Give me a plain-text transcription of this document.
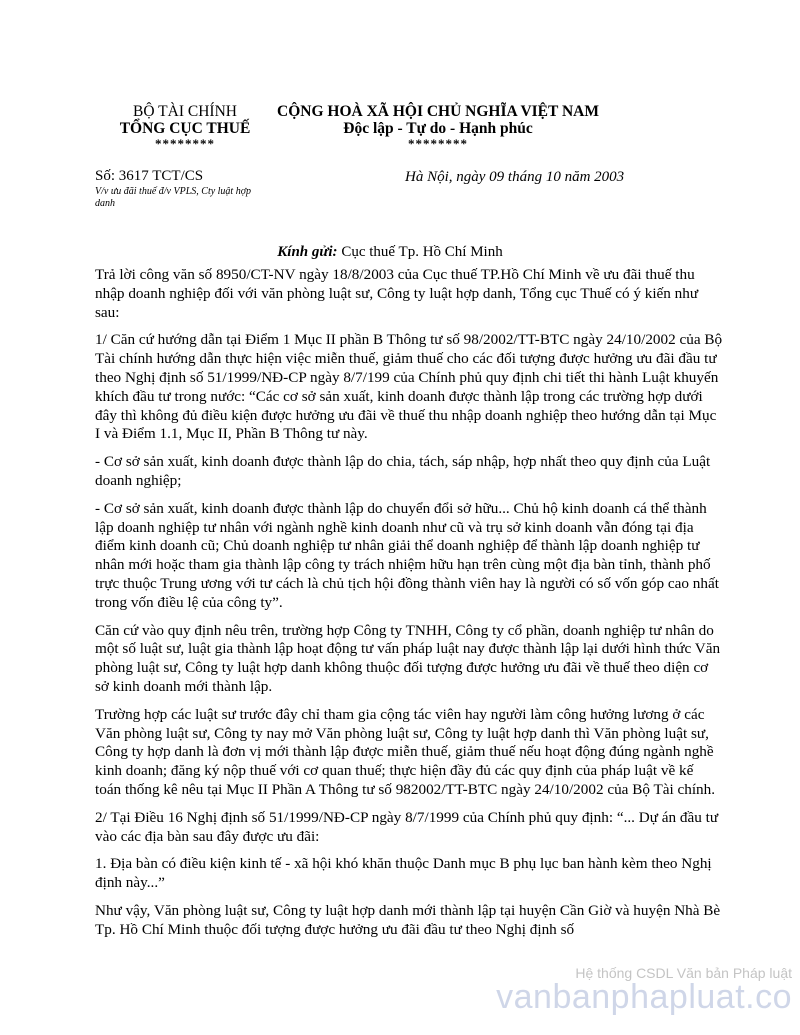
BỘ TÀI CHÍNH
TỔNG CỤC THUẾ
********
CỘNG HOÀ XÃ HỘI CHỦ NGHĨA VIỆT NAM
Độc lập - Tự do - Hạnh phúc
********
Số: 3617 TCT/CS
V/v ưu đãi thuế đ/v VPLS, Cty luật hợp danh
Hà Nội, ngày 09 tháng 10 năm 2003
Kính gửi: Cục thuế Tp. Hồ Chí Minh

Trả lời công văn số 8950/CT-NV ngày 18/8/2003 của Cục thuế TP.Hồ Chí Minh về ưu đãi thuế thu nhập doanh nghiệp đối với văn phòng luật sư, Công ty luật hợp danh, Tổng cục Thuế có ý kiến như sau:

1/ Căn cứ hướng dẫn tại Điểm 1 Mục II phần B Thông tư số 98/2002/TT-BTC ngày 24/10/2002 của Bộ Tài chính hướng dẫn thực hiện việc miễn thuế, giảm thuế cho các đối tượng được hưởng ưu đãi đầu tư theo Nghị định số 51/1999/NĐ-CP ngày 8/7/199 của Chính phủ quy định chi tiết thi hành Luật khuyến khích đầu tư trong nước: “Các cơ sở sản xuất, kinh doanh được thành lập trong các trường hợp dưới đây thì không đủ điều kiện được hưởng ưu đãi về thuế thu nhập doanh nghiệp theo hướng dẫn tại Mục I và Điểm 1.1, Mục II, Phần B Thông tư này.

- Cơ sở sản xuất, kinh doanh được thành lập do chia, tách, sáp nhập, hợp nhất theo quy định của Luật doanh nghiệp;

- Cơ sở sản xuất, kinh doanh được thành lập do chuyển đổi sở hữu... Chủ hộ kinh doanh cá thể thành lập doanh nghiệp tư nhân với ngành nghề kinh doanh như cũ và trụ sở kinh doanh vẫn đóng tại địa điểm kinh doanh cũ; Chủ doanh nghiệp tư nhân giải thể doanh nghiệp để thành lập doanh nghiệp tư nhân mới hoặc tham gia thành lập công ty trách nhiệm hữu hạn trên cùng một địa bàn tỉnh, thành phố trực thuộc Trung ương với tư cách là chủ tịch hội đồng thành viên hay là người có số vốn góp cao nhất trong vốn điều lệ của công ty”.

Căn cứ vào quy định nêu trên, trường hợp Công ty TNHH, Công ty cổ phần, doanh nghiệp tư nhân do một số luật sư, luật gia thành lập hoạt động tư vấn pháp luật nay được thành lập lại dưới hình thức Văn phòng luật sư, Công ty luật hợp danh không thuộc đối tượng được hưởng ưu đãi về thuế theo diện cơ sở kinh doanh mới thành lập.

Trường hợp các luật sư trước đây chỉ tham gia cộng tác viên hay người làm công hưởng lương ở các Văn phòng luật sư, Công ty nay mở Văn phòng luật sư, Công ty luật hợp danh thì Văn phòng luật sư, Công ty hợp danh là đơn vị mới thành lập được miễn thuế, giảm thuế nếu hoạt động đúng ngành nghề kinh doanh; đăng ký nộp thuế với cơ quan thuế; thực hiện đầy đủ các quy định của pháp luật về kế toán thống kê nêu tại Mục II Phần A Thông tư số 982002/TT-BTC ngày 24/10/2002 của Bộ Tài chính.

2/ Tại Điều 16 Nghị định số 51/1999/NĐ-CP ngày 8/7/1999 của Chính phủ quy định: “... Dự án đầu tư vào các địa bàn sau đây được ưu đãi:

1. Địa bàn có điều kiện kinh tế - xã hội khó khăn thuộc Danh mục B phụ lục ban hành kèm theo Nghị định này...”

Như vậy, Văn phòng luật sư, Công ty luật hợp danh mới thành lập tại huyện Cần Giờ và huyện Nhà Bè Tp. Hồ Chí Minh thuộc đối tượng được hưởng ưu đãi đầu tư theo Nghị định số

Hệ thống CSDL Văn bản Pháp luật
vanbanphapluat.co
